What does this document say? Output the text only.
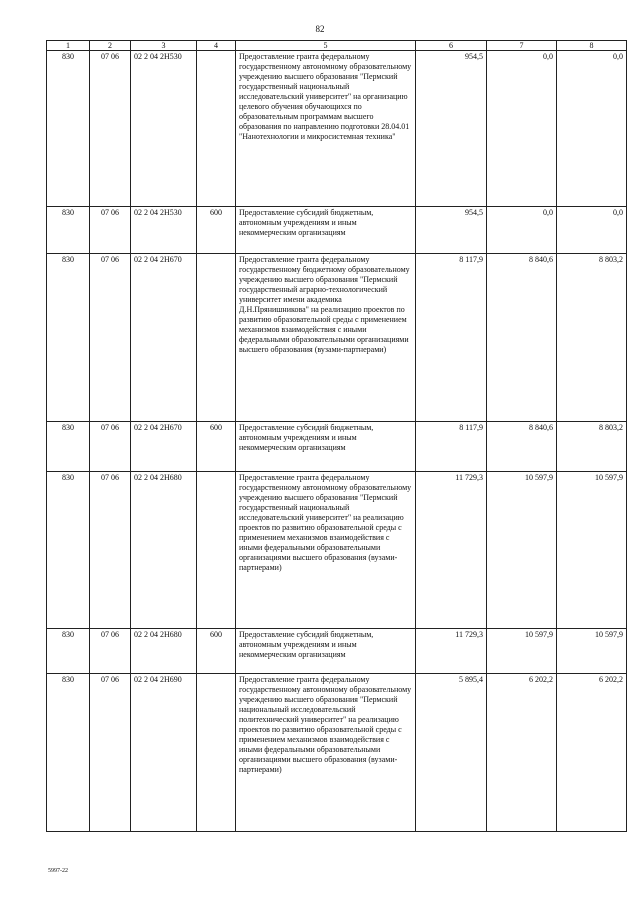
82
1	2	3	4	5	6	7	8
830	07 06	02 2 04 2Н530		Предоставление гранта федеральному государственному автономному образовательному учреждению высшего образования "Пермский государственный национальный исследовательский университет" на организацию целевого обучения обучающихся по образовательным программам высшего образования по направлению подготовки 28.04.01 "Нанотехнологии и микросистемная техника"	954,5	0,0	0,0
830	07 06	02 2 04 2Н530	600	Предоставление субсидий бюджетным, автономным учреждениям и иным некоммерческим организациям	954,5	0,0	0,0
830	07 06	02 2 04 2Н670		Предоставление гранта федеральному государственному бюджетному образовательному учреждению высшего образования "Пермский государственный аграрно-технологический университет имени академика Д.Н.Прянишникова" на реализацию проектов по развитию образовательной среды с применением механизмов взаимодействия с иными федеральными образовательными организациями высшего образования (вузами-партнерами)	8 117,9	8 840,6	8 803,2
830	07 06	02 2 04 2Н670	600	Предоставление субсидий бюджетным, автономным учреждениям и иным некоммерческим организациям	8 117,9	8 840,6	8 803,2
830	07 06	02 2 04 2Н680		Предоставление гранта федеральному государственному автономному образовательному учреждению высшего образования "Пермский государственный национальный исследовательский университет" на реализацию проектов по развитию образовательной среды с применением механизмов взаимодействия с иными федеральными образовательными организациями высшего образования (вузами-партнерами)	11 729,3	10 597,9	10 597,9
830	07 06	02 2 04 2Н680	600	Предоставление субсидий бюджетным, автономным учреждениям и иным некоммерческим организациям	11 729,3	10 597,9	10 597,9
830	07 06	02 2 04 2Н690		Предоставление гранта федеральному государственному автономному образовательному учреждению высшего образования "Пермский национальный исследовательский политехнический университет" на реализацию проектов по развитию образовательной среды с применением механизмов взаимодействия с иными федеральными образовательными организациями высшего образования (вузами-партнерами)	5 895,4	6 202,2	6 202,2
5997-22
